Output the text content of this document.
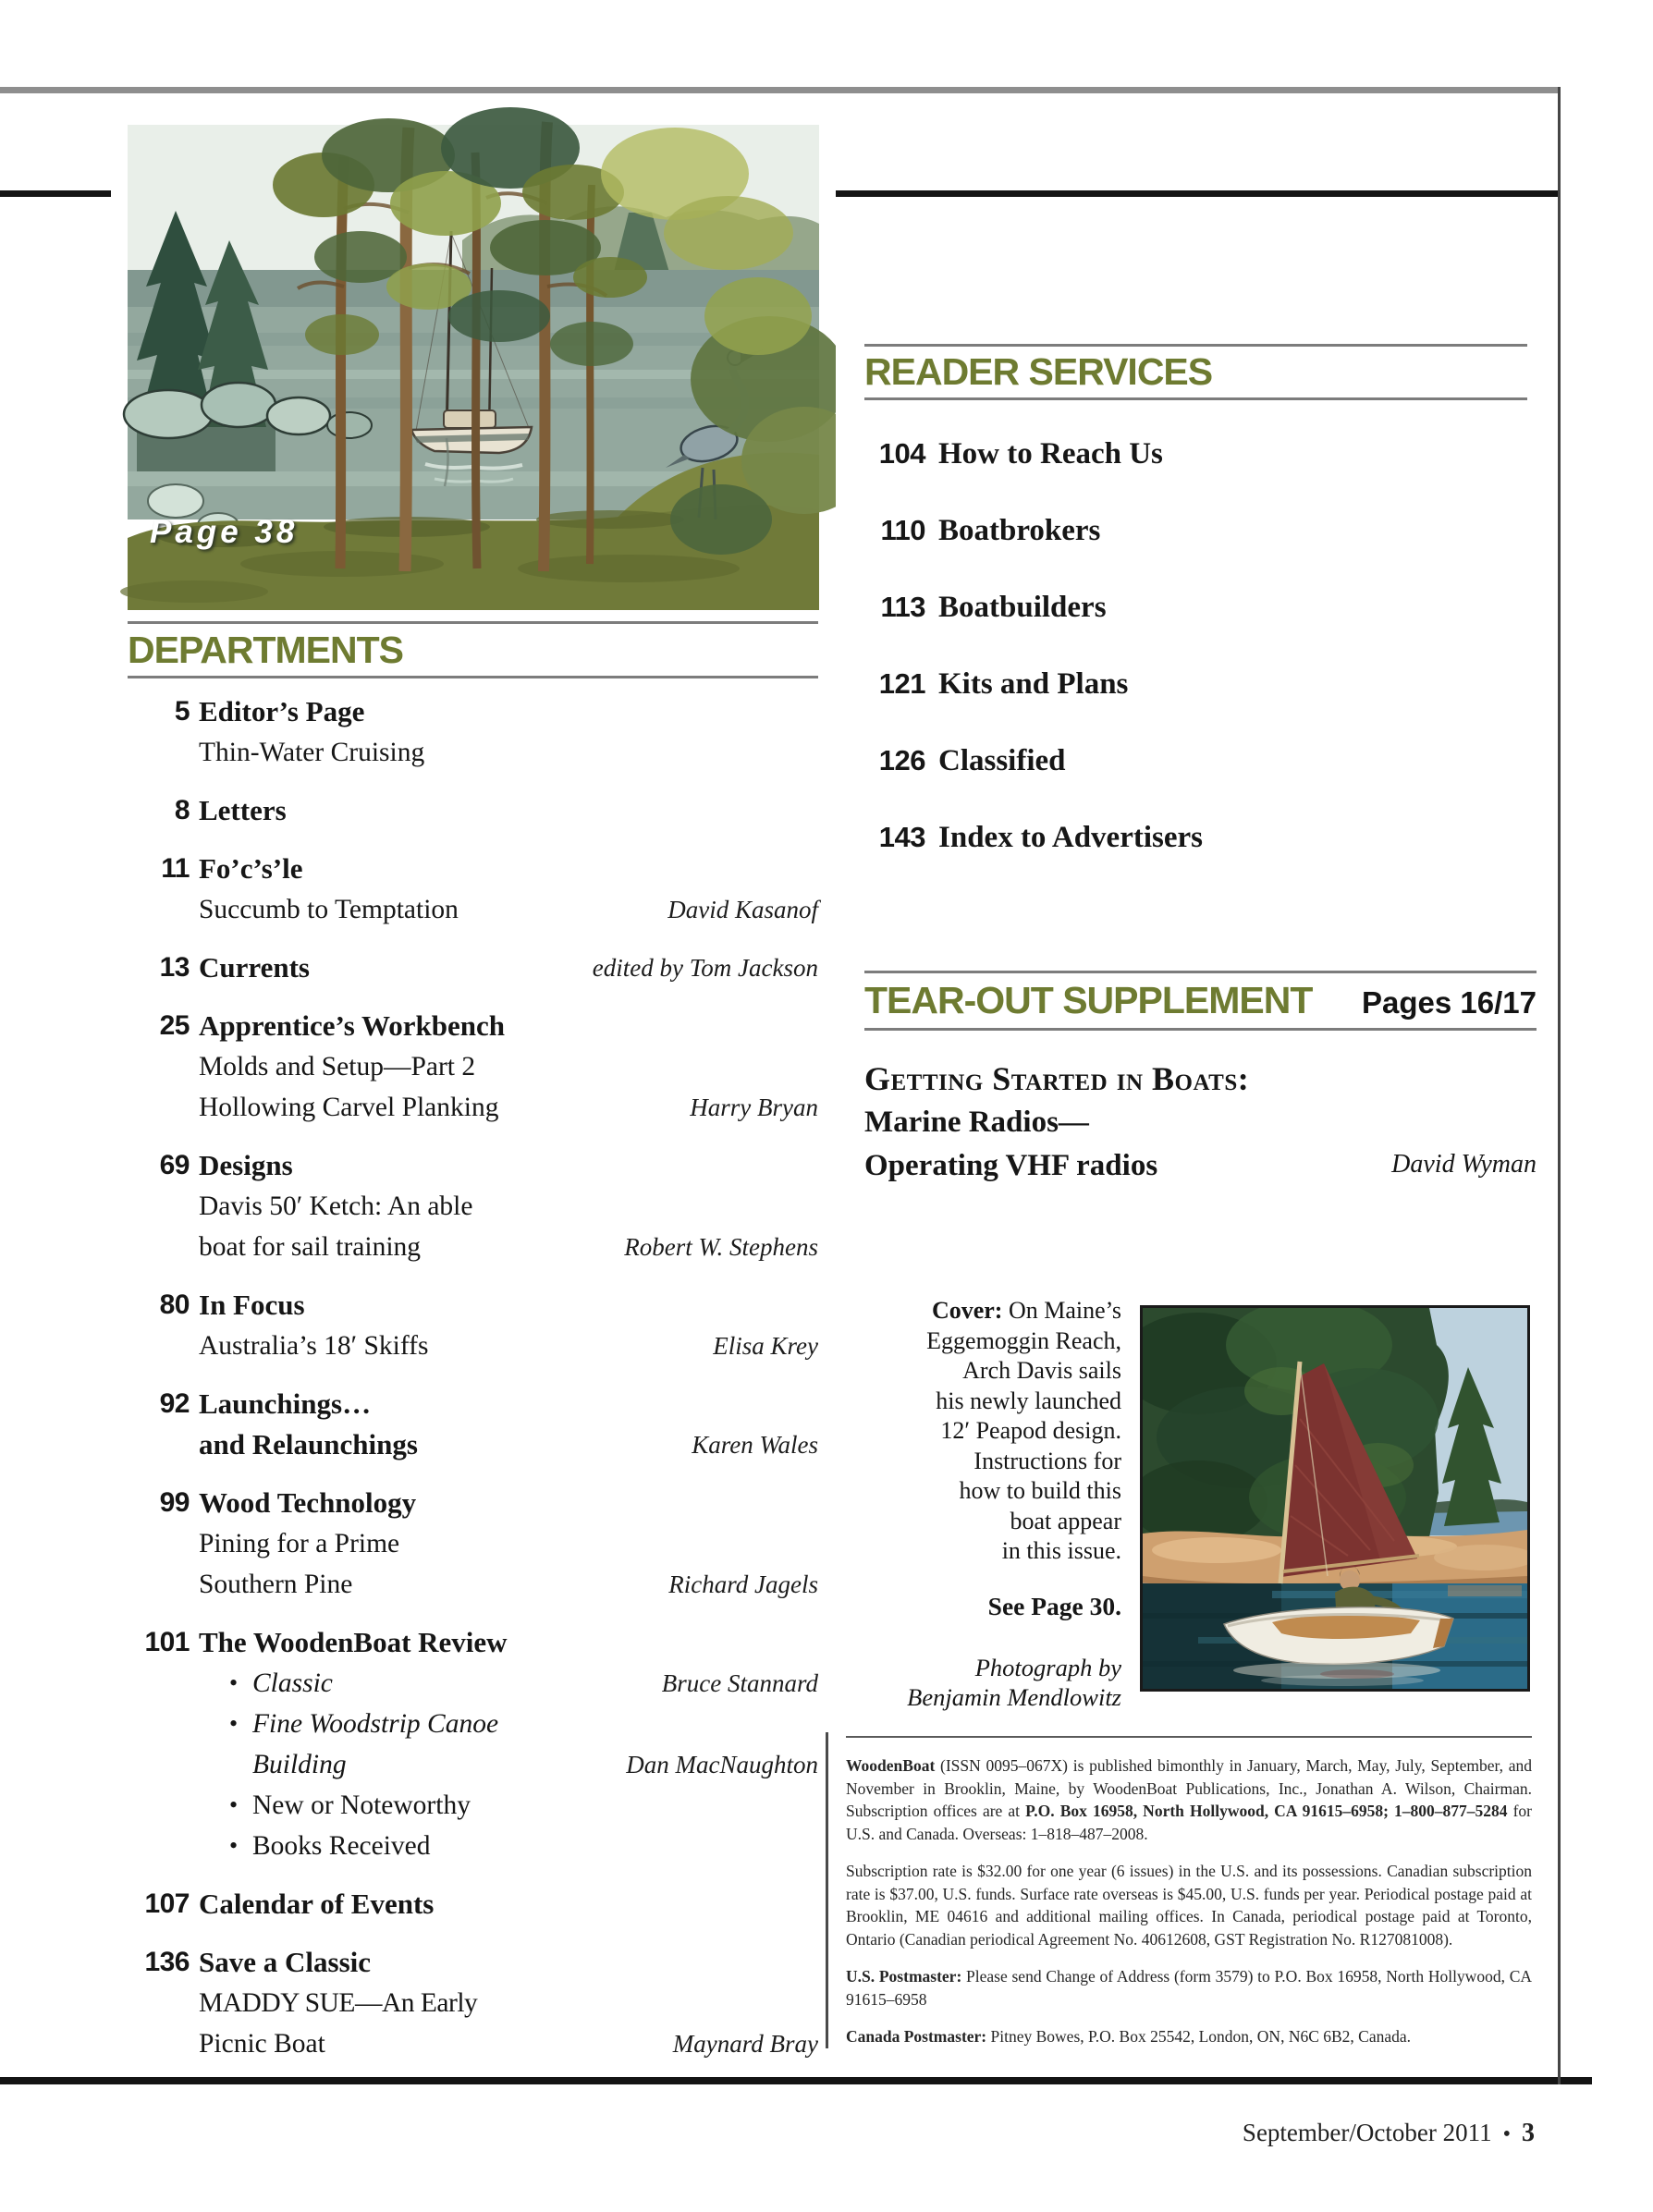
Page 38
DEPARTMENTS
5 Editor’s Page
Thin-Water Cruising
8 Letters
11 Fo’c’s’le
Succumb to Temptation	David Kasanof
13 Currents	edited by Tom Jackson
25 Apprentice’s Workbench
Molds and Setup—Part 2
Hollowing Carvel Planking	Harry Bryan
69 Designs
Davis 50′ Ketch: An able
boat for sail training	Robert W. Stephens
80 In Focus
Australia’s 18′ Skiffs	Elisa Krey
92 Launchings…
and Relaunchings	Karen Wales
99 Wood Technology
Pining for a Prime
Southern Pine	Richard Jagels
101 The WoodenBoat Review
• Classic	Bruce Stannard
• Fine Woodstrip Canoe
Building	Dan MacNaughton
• New or Noteworthy
• Books Received
107 Calendar of Events
136 Save a Classic
MADDY SUE—An Early
Picnic Boat	Maynard Bray
READER SERVICES
104 How to Reach Us
110 Boatbrokers
113 Boatbuilders
121 Kits and Plans
126 Classified
143 Index to Advertisers
TEAR-OUT SUPPLEMENT Pages 16/17
Getting Started in Boats:
Marine Radios—
Operating VHF radios	David Wyman
Cover: On Maine’s
Eggemoggin Reach,
Arch Davis sails
his newly launched
12′ Peapod design.
Instructions for
how to build this
boat appear
in this issue.
See Page 30.
Photograph by
Benjamin Mendlowitz

WoodenBoat (ISSN 0095–067X) is published bimonthly in January, March, May, July, September, and November in Brooklin, Maine, by WoodenBoat Publications, Inc., Jonathan A. Wilson, Chairman. Subscription offices are at P.O. Box 16958, North Hollywood, CA 91615–6958; 1–800–877–5284 for U.S. and Canada. Overseas: 1–818–487–2008.

Subscription rate is $32.00 for one year (6 issues) in the U.S. and its possessions. Canadian subscription rate is $37.00, U.S. funds. Surface rate overseas is $45.00, U.S. funds per year. Periodical postage paid at Brooklin, ME 04616 and additional mailing offices. In Canada, periodical postage paid at Toronto, Ontario (Canadian periodical Agreement No. 40612608, GST Registration No. R127081008).

U.S. Postmaster: Please send Change of Address (form 3579) to P.O. Box 16958, North Hollywood, CA 91615–6958

Canada Postmaster: Pitney Bowes, P.O. Box 25542, London, ON, N6C 6B2, Canada.

September/October 2011 • 3
